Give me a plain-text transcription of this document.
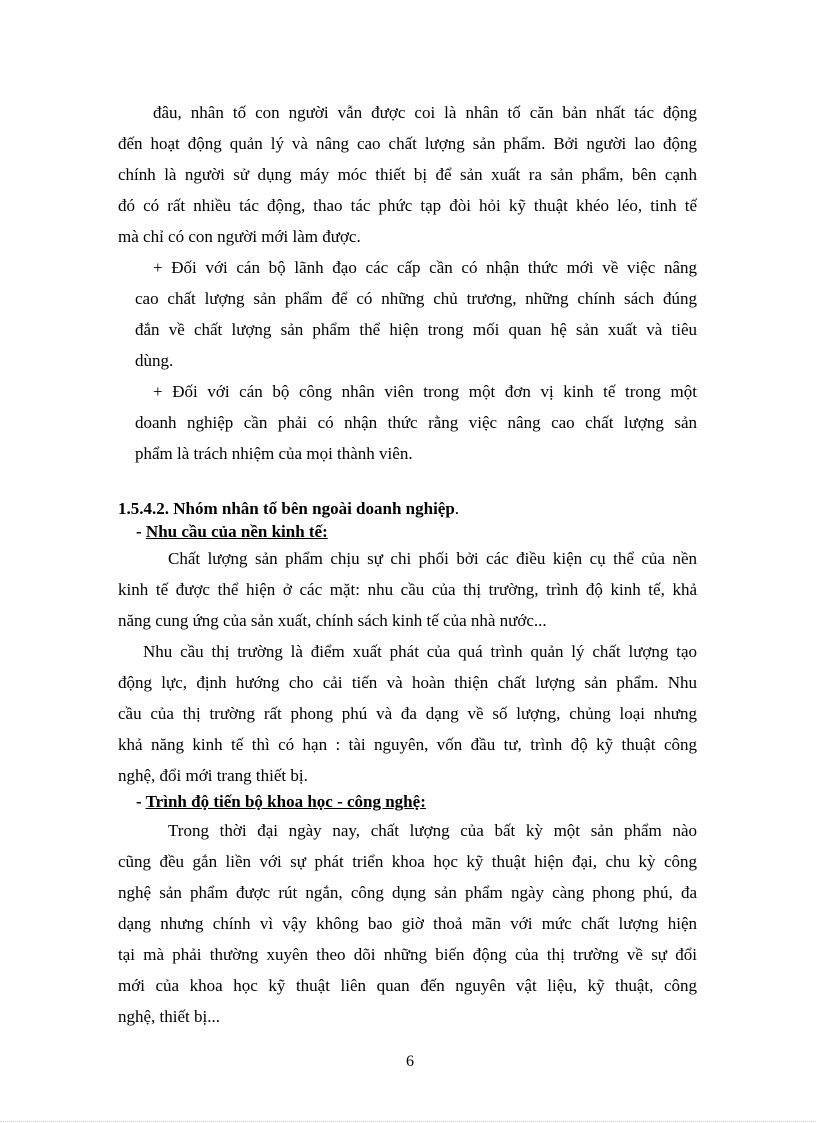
đâu, nhân tố con người vẫn được coi là nhân tố căn bản nhất tác động
đến hoạt động quản lý và nâng cao chất lượng sản phẩm. Bởi người lao động
chính là người sử dụng máy móc thiết bị để sản xuất ra sản phẩm, bên cạnh
đó có rất nhiều tác động, thao tác phức tạp đòi hỏi kỹ thuật khéo léo, tinh tế
mà chỉ có con người mới làm được.
+ Đối với cán bộ lãnh đạo các cấp cần có nhận thức mới về việc nâng
cao chất lượng sản phẩm để có những chủ trương, những chính sách đúng
đắn về chất lượng sản phẩm thể hiện trong mối quan hệ sản xuất và tiêu
dùng.
+ Đối với cán bộ công nhân viên trong một đơn vị kinh tế trong một
doanh nghiệp cần phải có nhận thức rằng việc nâng cao chất lượng sản
phẩm là trách nhiệm của mọi thành viên.
1.5.4.2. Nhóm nhân tố bên ngoài doanh nghiệp.
- Nhu cầu của nền kinh tế:
Chất lượng sản phẩm chịu sự chi phối bởi các điều kiện cụ thể của nền
kinh tế được thể hiện ở các mặt: nhu cầu của thị trường, trình độ kinh tế, khả
năng cung ứng của sản xuất, chính sách kinh tế của nhà nước...
Nhu cầu thị trường là điểm xuất phát của quá trình quản lý chất lượng tạo
động lực, định hướng cho cải tiến và hoàn thiện chất lượng sản phẩm. Nhu
cầu của thị trường rất phong phú và đa dạng về số lượng, chủng loại nhưng
khả năng kinh tế thì có hạn : tài nguyên, vốn đầu tư, trình độ kỹ thuật công
nghệ, đổi mới trang thiết bị.
- Trình độ tiến bộ khoa học - công nghệ:
Trong thời đại ngày nay, chất lượng của bất kỳ một sản phẩm nào
cũng đều gắn liền với sự phát triển khoa học kỹ thuật hiện đại, chu kỳ công
nghệ sản phẩm được rút ngắn, công dụng sản phẩm ngày càng phong phú, đa
dạng nhưng chính vì vậy không bao giờ thoả mãn với mức chất lượng hiện
tại mà phải thường xuyên theo dõi những biến động của thị trường về sự đổi
mới của khoa học kỹ thuật liên quan đến nguyên vật liệu, kỹ thuật, công
nghệ, thiết bị...
6
